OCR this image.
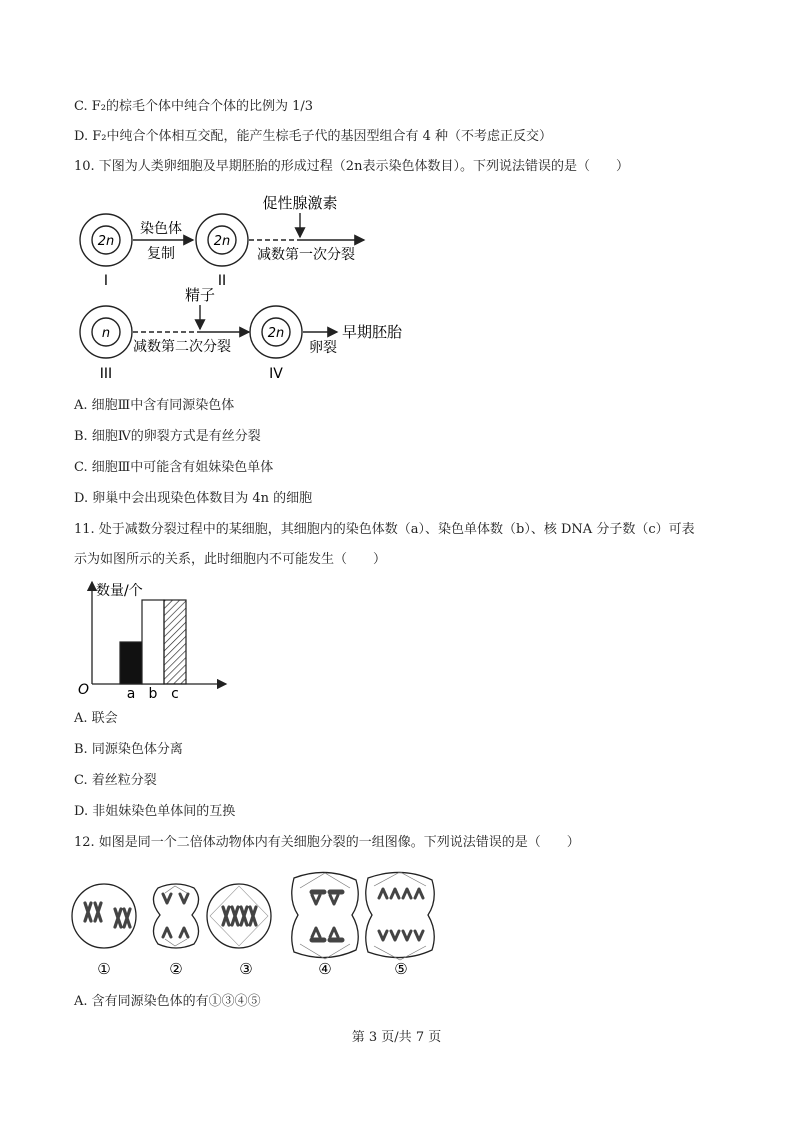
C. F₂的棕毛个体中纯合个体的比例为 1/3
D. F₂中纯合个体相互交配，能产生棕毛子代的基因型组合有 4 种（不考虑正反交）
10. 下图为人类卵细胞及早期胚胎的形成过程（2n表示染色体数目）。下列说法错误的是（　　）
2n
I
染色体
复制
2n
II
促性腺激素
减数第一次分裂
n
III
精子
减数第二次分裂
2n
IV
卵裂
早期胚胎
A. 细胞Ⅲ中含有同源染色体
B. 细胞Ⅳ的卵裂方式是有丝分裂
C. 细胞Ⅲ中可能含有姐妹染色单体
D. 卵巢中会出现染色体数目为 4n 的细胞
11. 处于减数分裂过程中的某细胞，其细胞内的染色体数（a）、染色单体数（b）、核 DNA 分子数（c）可表
示为如图所示的关系，此时细胞内不可能发生（　　）
数量/个
O	a b c
A. 联会
B. 同源染色体分离
C. 着丝粒分裂
D. 非姐妹染色单体间的互换
12. 如图是同一个二倍体动物体内有关细胞分裂的一组图像。下列说法错误的是（　　）
①	②	③	④	⑤
A. 含有同源染色体的有①③④⑤
第 3 页/共 7 页
